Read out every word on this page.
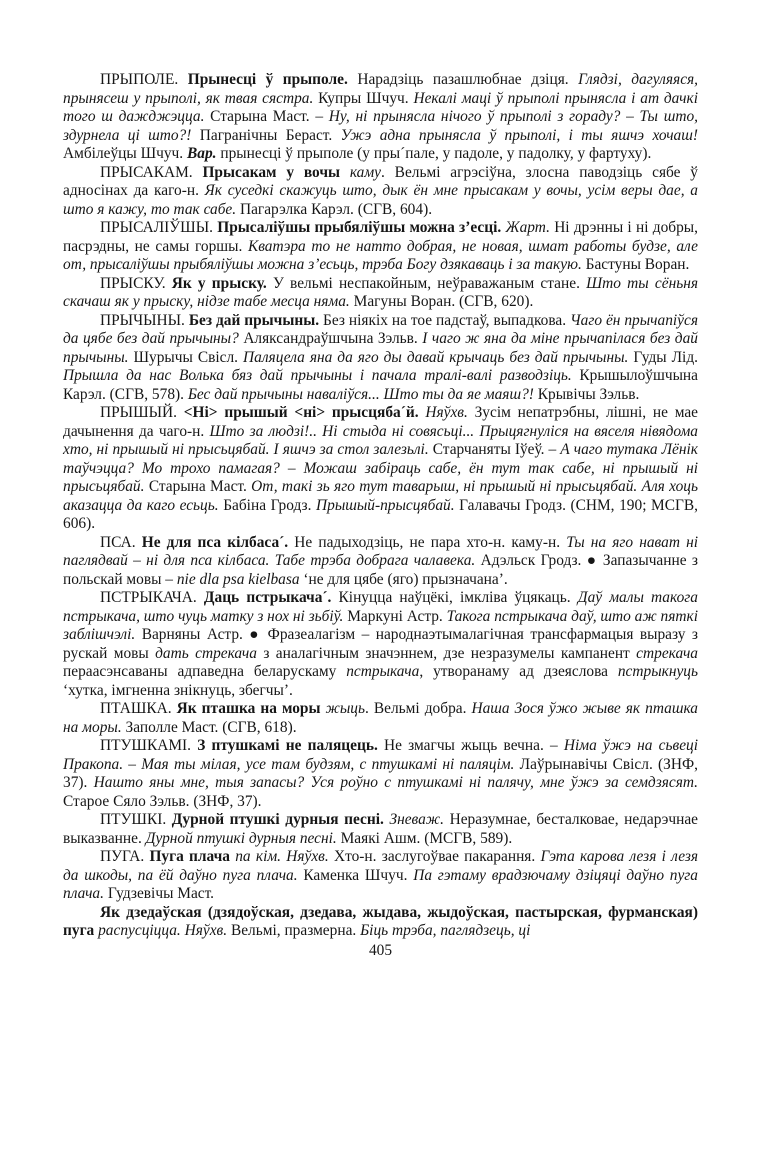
ПРЫПОЛЕ. Прынесці ў прыполе. Нарадзіць пазашлюбнае дзіця. Глядзі, дагуляяся, прынясеш у прыполі, як твая сястра. Купры Шчуч. Некалі маці ў прыполі прынясла і ат дачкі того ш дажджэцца. Старына Маст. – Ну, ні прынясла нічого ў прыполі з гораду? – Ты што, здурнела ці што?! Пагранічны Бераст. Ужэ адна прынясла ў прыполі, і ты яшчэ хочаш! Амбілеўцы Шчуч. Вар. прынесці ў прыполе (у пры´пале, у падоле, у падолку, у фартуху).

ПРЫСАКАМ. Прысакам у вочы каму. Вельмі агрэсіўна, злосна паводзіць сябе ў адносінах да каго-н. Як суседкі скажуць што, дык ён мне прысакам у вочы, усім веры дае, а што я кажу, то так сабе. Пагарэлка Карэл. (СГВ, 604).

ПРЫСАЛІЎШЫ. Прысаліўшы прыбяліўшы можна з’есці. Жарт. Ні дрэнны і ні добры, пасрэдны, не самы горшы. Кватэра то не натто добрая, не новая, шмат работы будзе, але от, прысаліўшы прыбяліўшы можна з’есьць, трэба Богу дзякаваць і за такую. Бастуны Воран.

ПРЫСКУ. Як у прыску. У вельмі неспакойным, неўраважаным стане. Што ты сёньня скачаш як у прыску, нідзе табе месца няма. Магуны Воран. (СГВ, 620).

ПРЫЧЫНЫ. Без дай прычыны. Без ніякіх на тое падстаў, выпадкова. Чаго ён прычапіўся да цябе без дай прычыны? Аляксандраўшчына Зэльв. І чаго ж яна да міне прычапілася без дай прычыны. Шурычы Свісл. Паляцела яна да яго ды давай крычаць без дай прычыны. Гуды Лід. Прышла да нас Волька бяз дай прычыны і пачала тралі-валі разводзіць. Крышылоўшчына Карэл. (СГВ, 578). Бес дай прычыны наваліўся... Што ты да яе маяш?! Крывічы Зэльв.

ПРЫШЫЙ. <Ні> прышый <ні> прысцяба´й. Няўхв. Зусім непатрэбны, лішні, не мае дачынення да чаго-н. Што за людзі!.. Ні стыда ні совясьці... Прыцягнуліся на вяселя нівядома хто, ні прышый ні прысьцябай. І яшчэ за стол залезьлі. Старчаняты Іўеў. – А чаго тутака Лёнік таўчэцца? Мо трохо памагая? – Можаш забіраць сабе, ён тут так сабе, ні прышый ні прысьцябай. Старына Маст. От, такі зь яго тут таварыш, ні прышый ні прысьцябай. Аля хоць аказацца да каго есьць. Бабіна Гродз. Прышый-прысцябай. Галавачы Гродз. (СНМ, 190; МСГВ, 606).

ПСА. Не для пса кілбаса´. Не падыходзіць, не пара хто-н. каму-н. Ты на яго нават ні паглядвай – ні для пса кілбаса. Табе трэба добрага чалавека. Адэльск Гродз. ● Запазычанне з польскай мовы – nie dla psa kielbasa ‘не для цябе (яго) прызначана’.

ПСТРЫКАЧА. Даць пстрыкача´. Кінуцца наўцёкі, імкліва ўцякаць. Даў малы такога пстрыкача, што чуць матку з нох ні зьбіў. Маркуні Астр. Такога пстрыкача даў, што аж пяткі заблішчэлі. Варняны Астр. ● Фразеалагізм – народнаэтымалагічная трансфармацыя выразу з рускай мовы дать стрекача з аналагічным значэннем, дзе незразумелы кампанент стрекача пераасэнсаваны адпаведна беларускаму пстрыкача, утворанаму ад дзеяслова пстрыкнуць ‘хутка, імгненна знікнуць, збегчы’.

ПТАШКА. Як пташка на моры жыць. Вельмі добра. Наша Зося ўжо жыве як пташка на моры. Заполле Маст. (СГВ, 618).

ПТУШКАМІ. З птушкамі не паляцець. Не змагчы жыць вечна. – Німа ўжэ на сьвеці Пракопа. – Мая ты мілая, усе там будзям, с птушкамі ні паляцім. Лаўрынавічы Свісл. (ЗНФ, 37). Нашто яны мне, тыя запасы? Уся роўно с птушкамі ні палячу, мне ўжэ за семдзясят. Старое Сяло Зэльв. (ЗНФ, 37).

ПТУШКІ. Дурной птушкі дурныя песні. Зневаж. Неразумнае, бесталковае, недарэчнае выказванне. Дурной птушкі дурныя песні. Маякі Ашм. (МСГВ, 589).

ПУГА. Пуга плача па кім. Няўхв. Хто-н. заслугоўвае пакарання. Гэта карова лезя і лезя да шкоды, па ёй даўно пуга плача. Каменка Шчуч. Па гэтаму врадзючаму дзіцяці даўно пуга плача. Гудзевічы Маст.

Як дзедаўская (дзядоўская, дзедава, жыдава, жыдоўская, пастырская, фурманская) пуга распусціцца. Няўхв. Вельмі, празмерна. Біць трэба, паглядзець, ці

405
